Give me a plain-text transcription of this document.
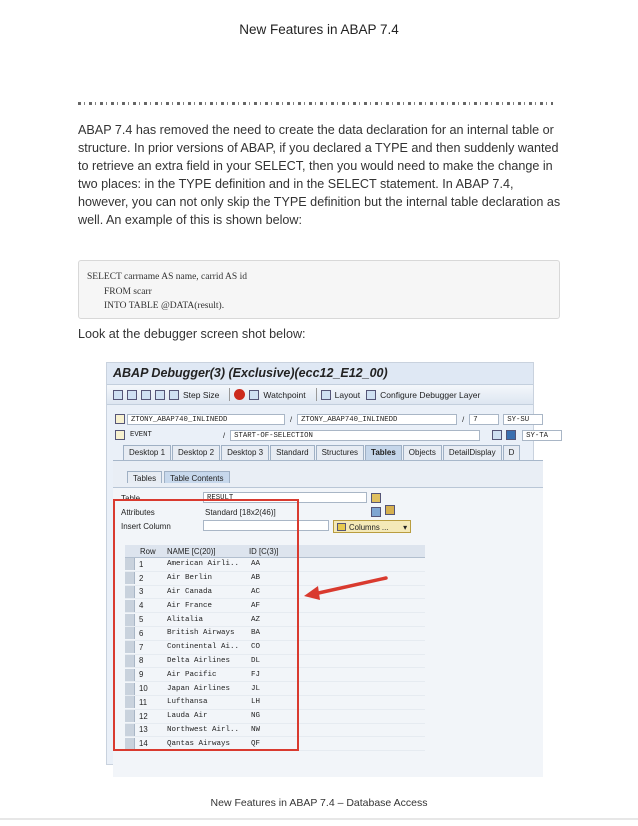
New Features in ABAP 7.4

ABAP 7.4 has removed the need to create the data declaration for an internal table or structure. In prior versions of ABAP, if you declared a TYPE and then suddenly wanted to retrieve an extra field in your SELECT, then you would need to make the change in two places: in the TYPE definition and in the SELECT statement. In ABAP 7.4, however, you can not only skip the TYPE definition but the internal table declaration as well. An example of this is shown below:

SELECT carrname AS name, carrid AS id
FROM scarr
INTO TABLE @DATA(result).

Look at the debugger screen shot below:

ABAP Debugger(3) (Exclusive)(ecc12_E12_00)
Step Size	Watchpoint	Layout Configure Debugger Layer
ZTONY_ABAP740_INLINEDD	/	ZTONY_ABAP740_INLINEDD	/	7	SY-SU
EVENT	/	START-OF-SELECTION	SY-TA
Desktop 1	Desktop 2	Desktop 3	Standard	Structures	Tables	Objects	DetailDisplay	D
Tables	Table Contents
Table	RESULT
Attributes	Standard [18x2(46)]
Insert Column	Columns ... ▾
Row	NAME [C(20)]	ID [C(3)]
1	American Airli..	AA
2	Air Berlin	AB
3	Air Canada	AC
4	Air France	AF
5	Alitalia	AZ
6	British Airways	BA
7	Continental Ai..	CO
8	Delta Airlines	DL
9	Air Pacific	FJ
10	Japan Airlines	JL
11	Lufthansa	LH
12	Lauda Air	NG
13	Northwest Airl..	NW
14	Qantas Airways	QF
New Features in ABAP 7.4 – Database Access
